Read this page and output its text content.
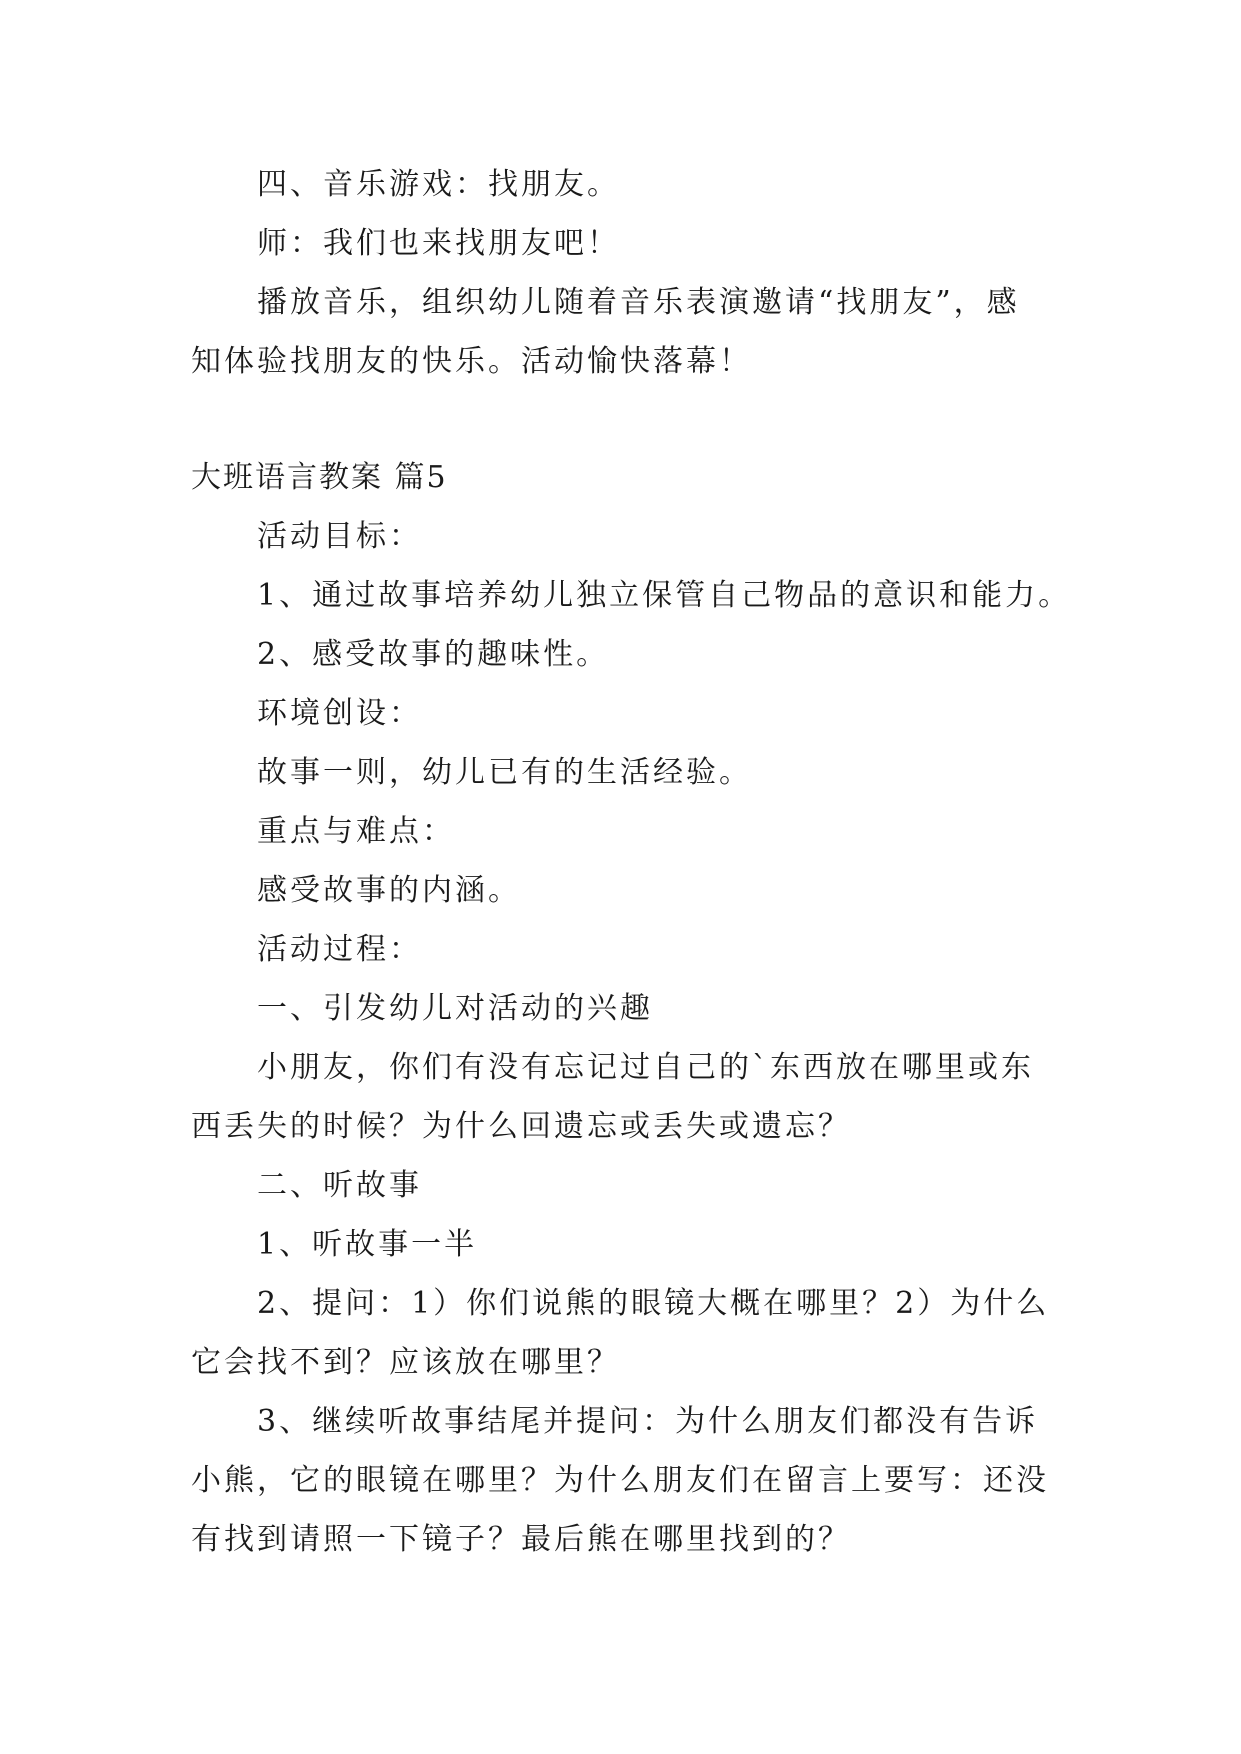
四、音乐游戏：找朋友。
师：我们也来找朋友吧！
播放音乐，组织幼儿随着音乐表演邀请“找朋友”，感
知体验找朋友的快乐。活动愉快落幕！
大班语言教案 篇5
活动目标：
1、通过故事培养幼儿独立保管自己物品的意识和能力。
2、感受故事的趣味性。
环境创设：
故事一则，幼儿已有的生活经验。
重点与难点：
感受故事的内涵。
活动过程：
一、引发幼儿对活动的兴趣
小朋友，你们有没有忘记过自己的`东西放在哪里或东
西丢失的时候？为什么回遗忘或丢失或遗忘？
二、听故事
1、听故事一半
2、提问：1）你们说熊的眼镜大概在哪里？2）为什么
它会找不到？应该放在哪里？
3、继续听故事结尾并提问：为什么朋友们都没有告诉
小熊，它的眼镜在哪里？为什么朋友们在留言上要写：还没
有找到请照一下镜子？最后熊在哪里找到的？
